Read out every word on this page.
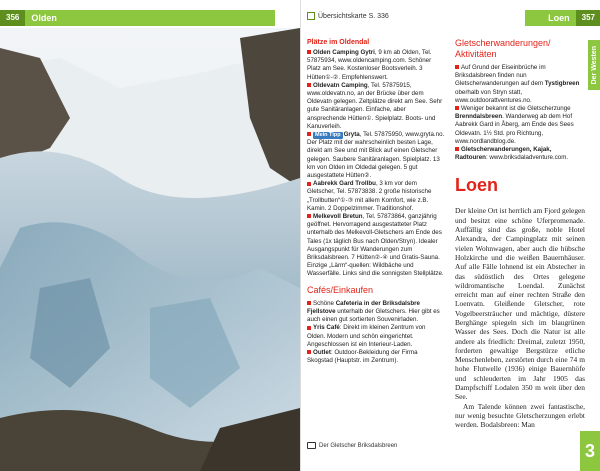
356	Olden	Übersichtskarte S. 336	Loen	357
Der Westen
Plätze im Oldendal
Olden Camping Gytri, 9 km ab Olden, Tel. 57875934, www.oldencamping.com. Schöner Platz am See. Kostenloser Bootsverleih. 3 Hütten①-②. Empfehlenswert.
Oldevatn Camping, Tel. 57875915, www.oldevatn.no, an der Brücke über dem Oldevatn gelegen. Zeltplätze direkt am See. Sehr gute Sanitäranlagen. Einfache, aber ansprechende Hütten①. Spielplatz. Boots- und Kanuverleih.
Mein Tipp Gryta, Tel. 57875950, www.gryta.no. Der Platz mit der wahrscheinlich besten Lage, direkt am See und mit Blick auf einen Gletscher gelegen. Saubere Sanitäranlagen. Spielplatz. 13 km von Olden im Oldedal gelegen. 5 gut ausgestattete Hütten②.
Aabrekk Gard Trollbu, 3 km vor dem Gletscher, Tel. 57873838. 2 große historische „Trollbutten“①-③ mit allem Komfort, wie z.B. Kamin. 2 Doppelzimmer. Traditionshof.
Melkevoll Bretun, Tel. 57873864, ganzjährig geöffnet. Hervorragend ausgestatteter Platz unterhalb des Melkevoll-Gletschers am Ende des Tales (1x täglich Bus nach Olden/Stryn). Idealer Ausgangspunkt für Wanderungen zum Briksdalsbreen. 7 Hütten②-④ und Gratis-Sauna. Einzige „Lärm“-quellen: Wildbäche und Wasserfälle. Links sind die sonnigsten Stellplätze.
Cafés/Einkaufen
Schöne Cafeteria in der Briksdalsbre Fjellstove unterhalb der Gletschers. Hier gibt es auch einen gut sortierten Souvenirladen.
Yris Café: Direkt im kleinen Zentrum von Olden. Modern und schön eingerichtet. Angeschlossen ist ein Interieur-Laden.
Outlet: Outdoor-Bekleidung der Firma Skogstad (Hauptstr. im Zentrum).
Gletscherwanderungen/ Aktivitäten
Auf Grund der Eiseinbrüche im Briksdalsbreen finden nun Gletscherwanderungen auf dem Tystigbreen oberhalb von Stryn statt, www.outdoorattventures.no.
Weniger bekannt ist die Gletscherzunge Brenndalsbreen. Wanderweg ab dem Hof Aabrekk Gard in Åberg, am Ende des Sees Oldevatn. 1½ Std. pro Richtung, www.nordlandblog.de.
Gletscherwanderungen, Kajak, Radtouren: www.briksdaladventure.com.
Loen
Der kleine Ort ist herrlich am Fjord gelegen und besitzt eine schöne Uferpromenade. Auffällig sind das große, noble Hotel Alexandra, der Campingplatz mit seinen vielen Wohnwagen, aber auch die hübsche Holzkirche und die weißen Bauernhäuser. Auf alle Fälle lohnend ist ein Abstecher in das südöstlich des Ortes gelegene wildromantische Loendal. Zunächst erreicht man auf einer rechten Straße den Loenvatn. Gleißende Gletscher, rote Vogelbeersträucher und mächtige, düstere Berghänge spiegeln sich im blaugrünen Wasser des Sees. Doch die Natur ist alle andere als friedlich: Dreimal, zuletzt 1950, forderten gewaltige Bergstürze etliche Menschenleben, zerstörten durch eine 74 m hohe Flutwelle (1936) einige Bauernhöfe und schleuderten im Jahr 1905 das Dampfschiff Lodalen 350 m weit über den See.
Am Talende können zwei fantastische, nur wenig besuchte Gletscherzungen erlebt werden. Bodalsbreen: Man
Der Gletscher Briksdalsbreen	3
